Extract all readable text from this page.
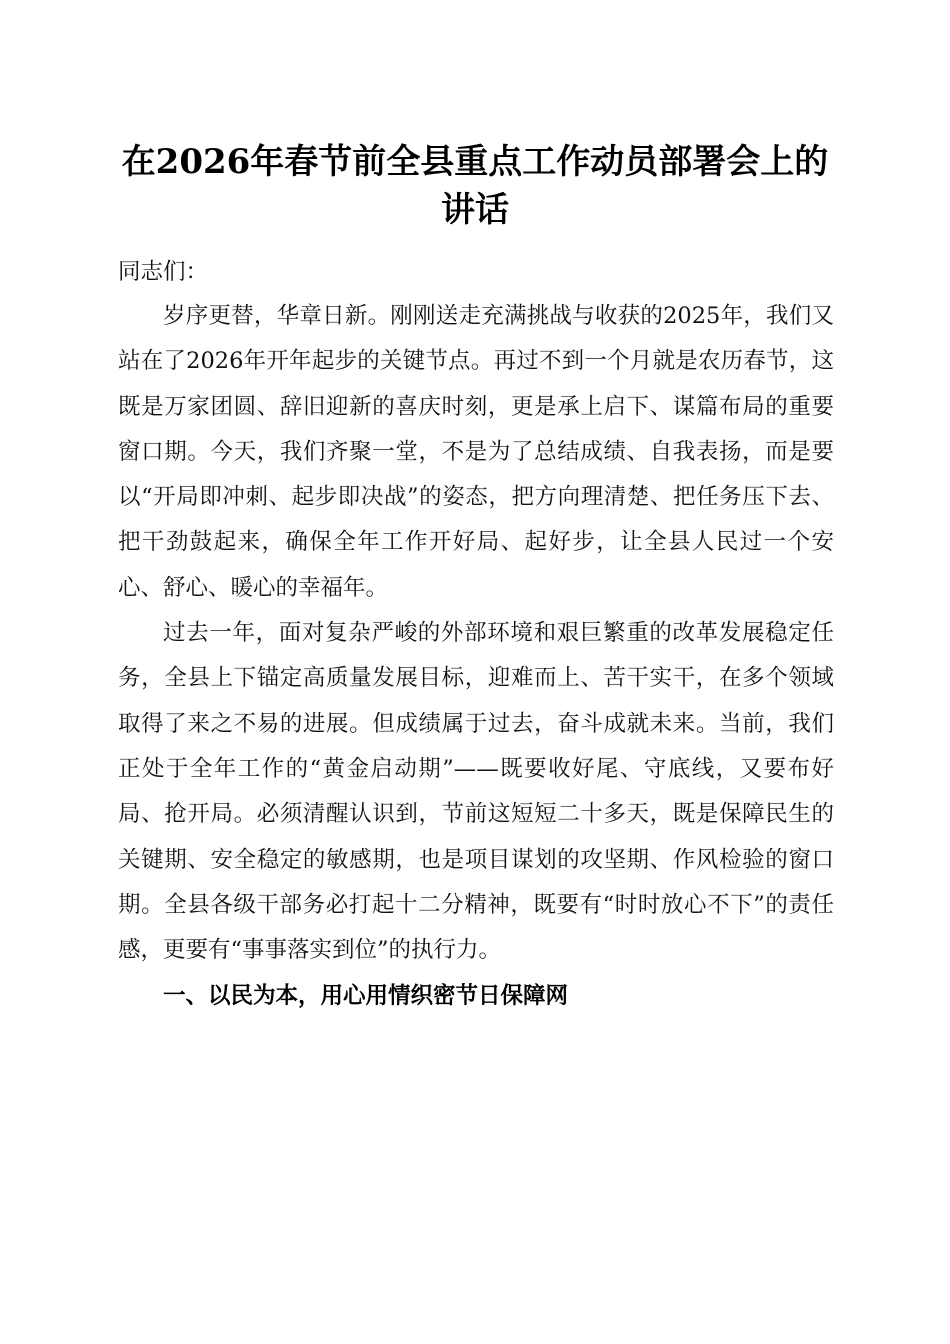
在2026年春节前全县重点工作动员部署会上的讲话

同志们：

岁序更替，华章日新。刚刚送走充满挑战与收获的2025年，我们又站在了2026年开年起步的关键节点。再过不到一个月就是农历春节，这既是万家团圆、辞旧迎新的喜庆时刻，更是承上启下、谋篇布局的重要窗口期。今天，我们齐聚一堂，不是为了总结成绩、自我表扬，而是要以“开局即冲刺、起步即决战”的姿态，把方向理清楚、把任务压下去、把干劲鼓起来，确保全年工作开好局、起好步，让全县人民过一个安心、舒心、暖心的幸福年。

过去一年，面对复杂严峻的外部环境和艰巨繁重的改革发展稳定任务，全县上下锚定高质量发展目标，迎难而上、苦干实干，在多个领域取得了来之不易的进展。但成绩属于过去，奋斗成就未来。当前，我们正处于全年工作的“黄金启动期”——既要收好尾、守底线，又要布好局、抢开局。必须清醒认识到，节前这短短二十多天，既是保障民生的关键期、安全稳定的敏感期，也是项目谋划的攻坚期、作风检验的窗口期。全县各级干部务必打起十二分精神，既要有“时时放心不下”的责任感，更要有“事事落实到位”的执行力。

一、以民为本，用心用情织密节日保障网
